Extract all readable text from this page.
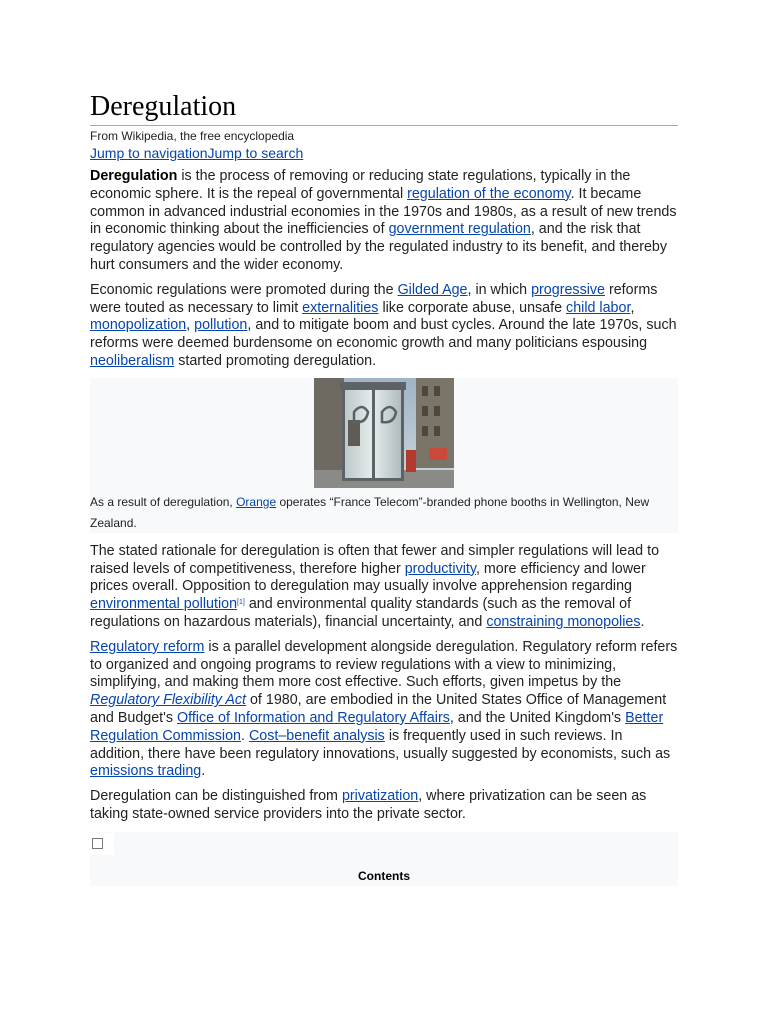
Deregulation
From Wikipedia, the free encyclopedia
Jump to navigationJump to search

Deregulation is the process of removing or reducing state regulations, typically in the economic sphere. It is the repeal of governmental regulation of the economy. It became common in advanced industrial economies in the 1970s and 1980s, as a result of new trends in economic thinking about the inefficiencies of government regulation, and the risk that regulatory agencies would be controlled by the regulated industry to its benefit, and thereby hurt consumers and the wider economy.

Economic regulations were promoted during the Gilded Age, in which progressive reforms were touted as necessary to limit externalities like corporate abuse, unsafe child labor, monopolization, pollution, and to mitigate boom and bust cycles. Around the late 1970s, such reforms were deemed burdensome on economic growth and many politicians espousing neoliberalism started promoting deregulation.

As a result of deregulation, Orange operates “France Telecom”-branded phone booths in Wellington, New Zealand.

The stated rationale for deregulation is often that fewer and simpler regulations will lead to raised levels of competitiveness, therefore higher productivity, more efficiency and lower prices overall. Opposition to deregulation may usually involve apprehension regarding environmental pollution[1] and environmental quality standards (such as the removal of regulations on hazardous materials), financial uncertainty, and constraining monopolies.

Regulatory reform is a parallel development alongside deregulation. Regulatory reform refers to organized and ongoing programs to review regulations with a view to minimizing, simplifying, and making them more cost effective. Such efforts, given impetus by the Regulatory Flexibility Act of 1980, are embodied in the United States Office of Management and Budget's Office of Information and Regulatory Affairs, and the United Kingdom's Better Regulation Commission. Cost–benefit analysis is frequently used in such reviews. In addition, there have been regulatory innovations, usually suggested by economists, such as emissions trading.

Deregulation can be distinguished from privatization, where privatization can be seen as taking state-owned service providers into the private sector.

Contents
